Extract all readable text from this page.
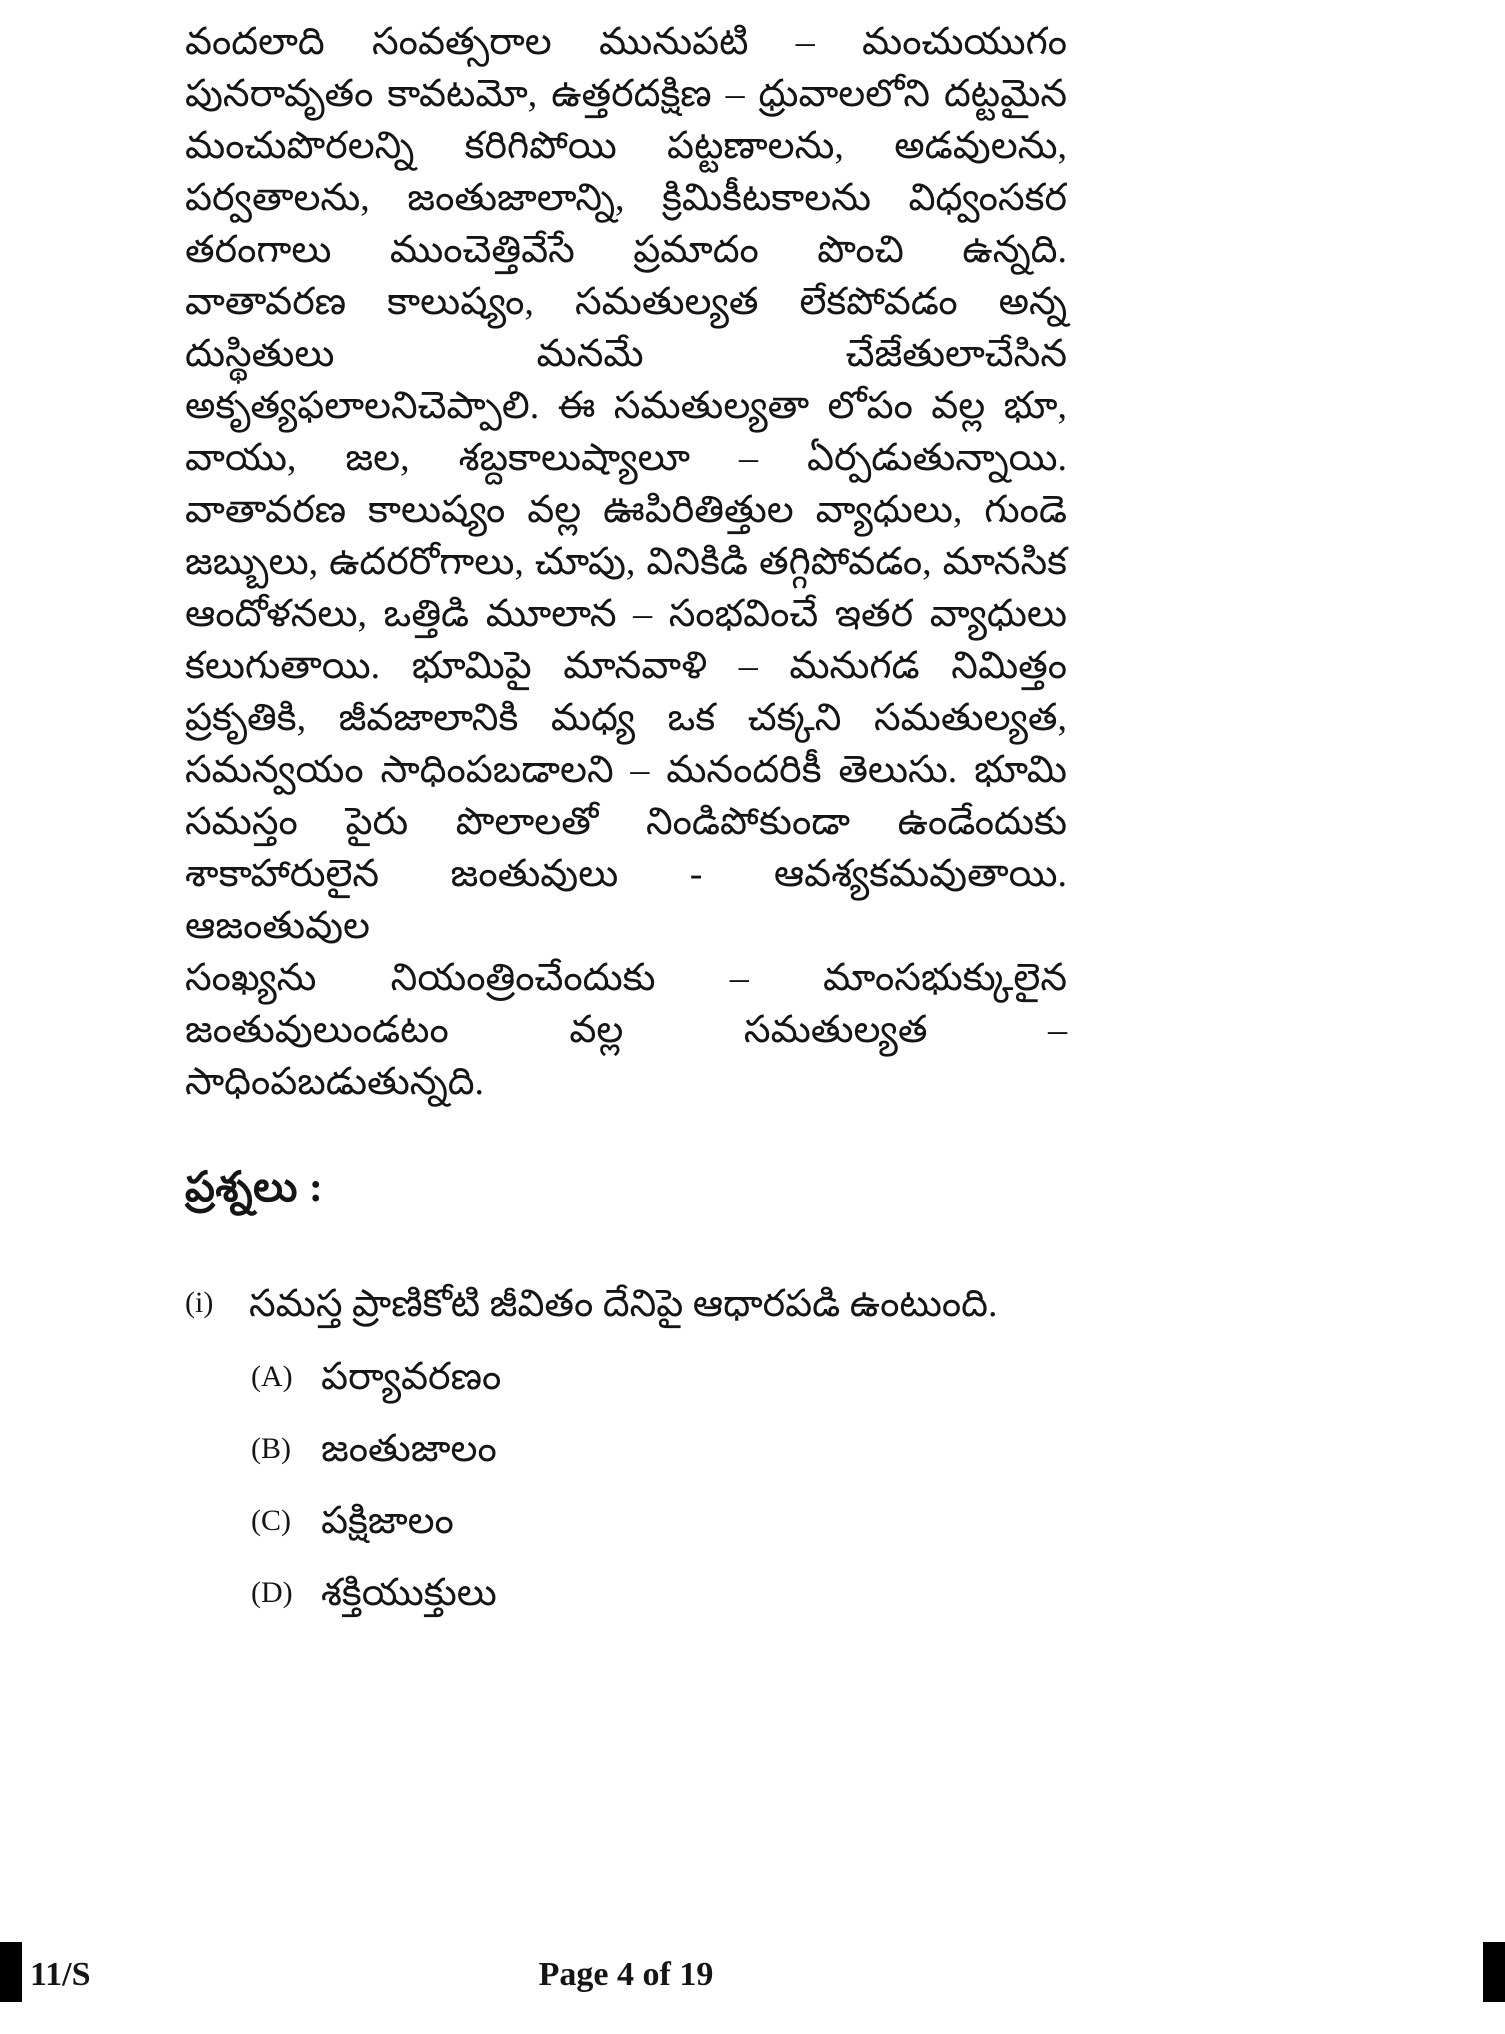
వందలాది సంవత్సరాల మునుపటి – మంచుయుగం
పునరావృతం కావటమో, ఉత్తరదక్షిణ – ధ్రువాలలోని దట్టమైన
మంచుపొరలన్ని కరిగిపోయి పట్టణాలను, అడవులను,
పర్వతాలను, జంతుజాలాన్ని, క్రిమికీటకాలను విధ్వంసకర
తరంగాలు ముంచెత్తివేసే ప్రమాదం పొంచి ఉన్నది.
వాతావరణ కాలుష్యం, సమతుల్యత లేకపోవడం అన్న
దుస్థితులు మనమే చేజేతులాచేసిన
అకృత్యఫలాలనిచెప్పాలి. ఈ సమతుల్యతా లోపం వల్ల భూ,
వాయు, జల, శబ్దకాలుష్యాలూ – ఏర్పడుతున్నాయి.
వాతావరణ కాలుష్యం వల్ల ఊపిరితిత్తుల వ్యాధులు, గుండె
జబ్బులు, ఉదరరోగాలు, చూపు, వినికిడి తగ్గిపోవడం, మానసిక
ఆందోళనలు, ఒత్తిడి మూలాన – సంభవించే ఇతర వ్యాధులు
కలుగుతాయి. భూమిపై మానవాళి – మనుగడ నిమిత్తం
ప్రకృతికి, జీవజాలానికి మధ్య ఒక చక్కని సమతుల్యత,
సమన్వయం సాధింపబడాలని – మనందరికీ తెలుసు. భూమి
సమస్తం పైరు పొలాలతో నిండిపోకుండా ఉండేందుకు
శాకాహారులైన జంతువులు - ఆవశ్యకమవుతాయి. ఆజంతువుల
సంఖ్యను నియంత్రించేందుకు – మాంసభుక్కులైన
జంతువులుండటం వల్ల సమతుల్యత –
సాధింపబడుతున్నది.
ప్రశ్నలు :
(i) సమస్త ప్రాణికోటి జీవితం దేనిపై ఆధారపడి ఉంటుంది.
(A) పర్యావరణం
(B) జంతుజాలం
(C) పక్షిజాలం
(D) శక్తియుక్తులు
11/S	Page 4 of 19
